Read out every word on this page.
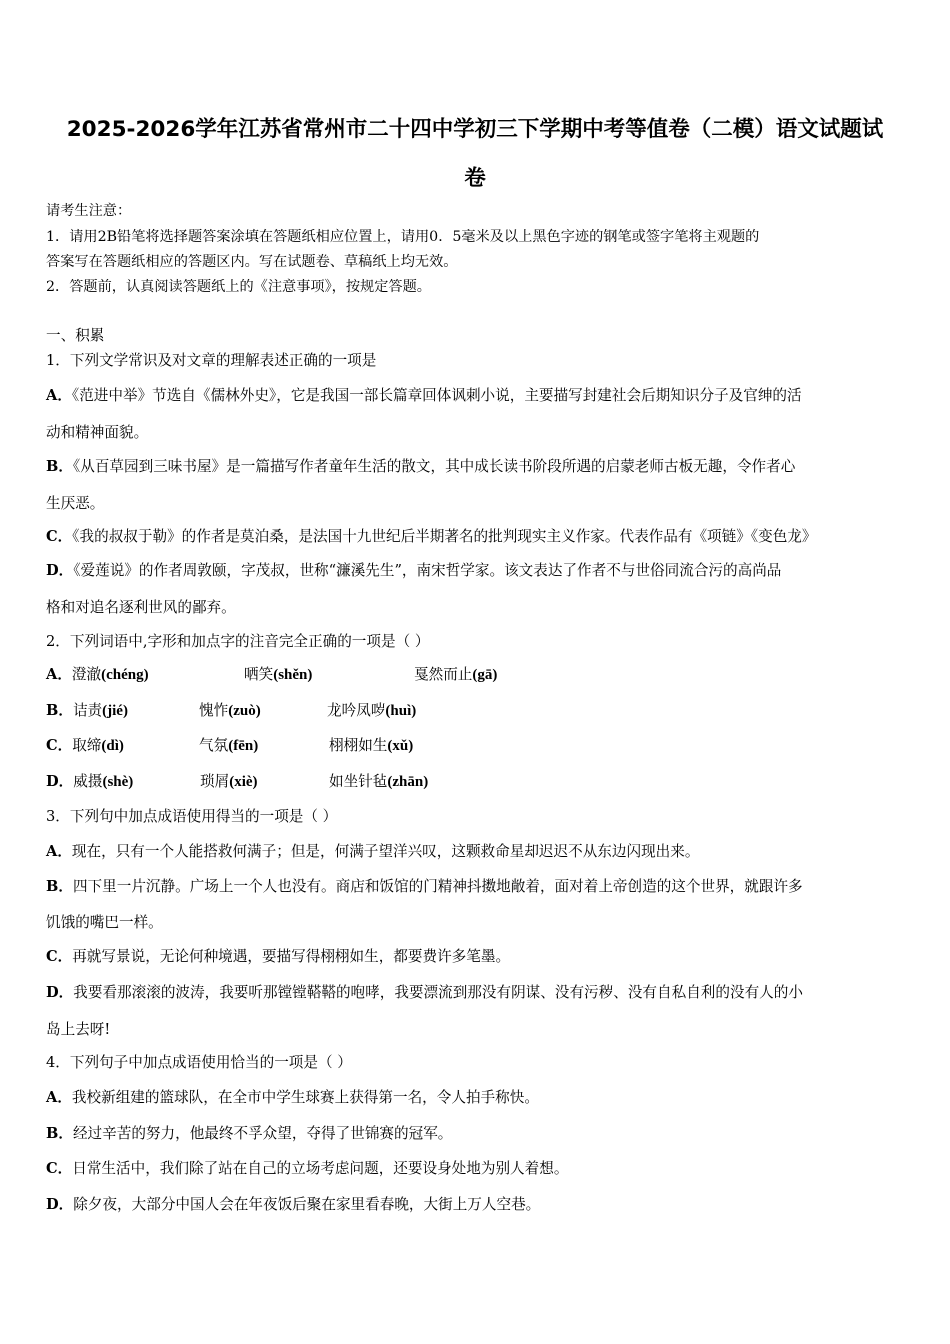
2025-2026学年江苏省常州市二十四中学初三下学期中考等值卷（二模）语文试题试
卷
请考生注意：
1．请用2B铅笔将选择题答案涂填在答题纸相应位置上，请用0．5毫米及以上黑色字迹的钢笔或签字笔将主观题的
答案写在答题纸相应的答题区内。写在试题卷、草稿纸上均无效。
2．答题前，认真阅读答题纸上的《注意事项》，按规定答题。
一、积累
1．下列文学常识及对文章的理解表述正确的一项是
A．《范进中举》节选自《儒林外史》，它是我国一部长篇章回体讽刺小说，主要描写封建社会后期知识分子及官绅的活
动和精神面貌。
B．《从百草园到三味书屋》是一篇描写作者童年生活的散文，其中成长读书阶段所遇的启蒙老师古板无趣，令作者心
生厌恶。
C．《我的叔叔于勒》的作者是莫泊桑，是法国十九世纪后半期著名的批判现实主义作家。代表作品有《项链》《变色龙》
D．《爱莲说》的作者周敦颐，字茂叔，世称“濂溪先生”，南宋哲学家。该文表达了作者不与世俗同流合污的高尚品
格和对追名逐利世风的鄙弃。
2．下列词语中,字形和加点字的注音完全正确的一项是（ ）
A．澄澈(chéng)	哂笑(shěn)	戛然而止(gā)
B．诘责(jié)	愧怍(zuò)	龙吟凤哕(huì)
C．取缔(dì)	气氛(fēn)	栩栩如生(xǔ)
D．威摄(shè)	琐屑(xiè)	如坐针毡(zhān)
3．下列句中加点成语使用得当的一项是（ ）
A．现在，只有一个人能搭救何满子；但是，何满子望洋兴叹，这颗救命星却迟迟不从东边闪现出来。
B．四下里一片沉静。广场上一个人也没有。商店和饭馆的门精神抖擞地敞着，面对着上帝创造的这个世界，就跟许多
饥饿的嘴巴一样。
C．再就写景说，无论何种境遇，要描写得栩栩如生，都要费许多笔墨。
D．我要看那滚滚的波涛，我要听那镗镗鞳鞳的咆哮，我要漂流到那没有阴谋、没有污秽、没有自私自利的没有人的小
岛上去呀!
4．下列句子中加点成语使用恰当的一项是（ ）
A．我校新组建的篮球队，在全市中学生球赛上获得第一名，令人拍手称快。
B．经过辛苦的努力，他最终不孚众望，夺得了世锦赛的冠军。
C．日常生活中，我们除了站在自己的立场考虑问题，还要设身处地为别人着想。
D．除夕夜，大部分中国人会在年夜饭后聚在家里看春晚，大街上万人空巷。
